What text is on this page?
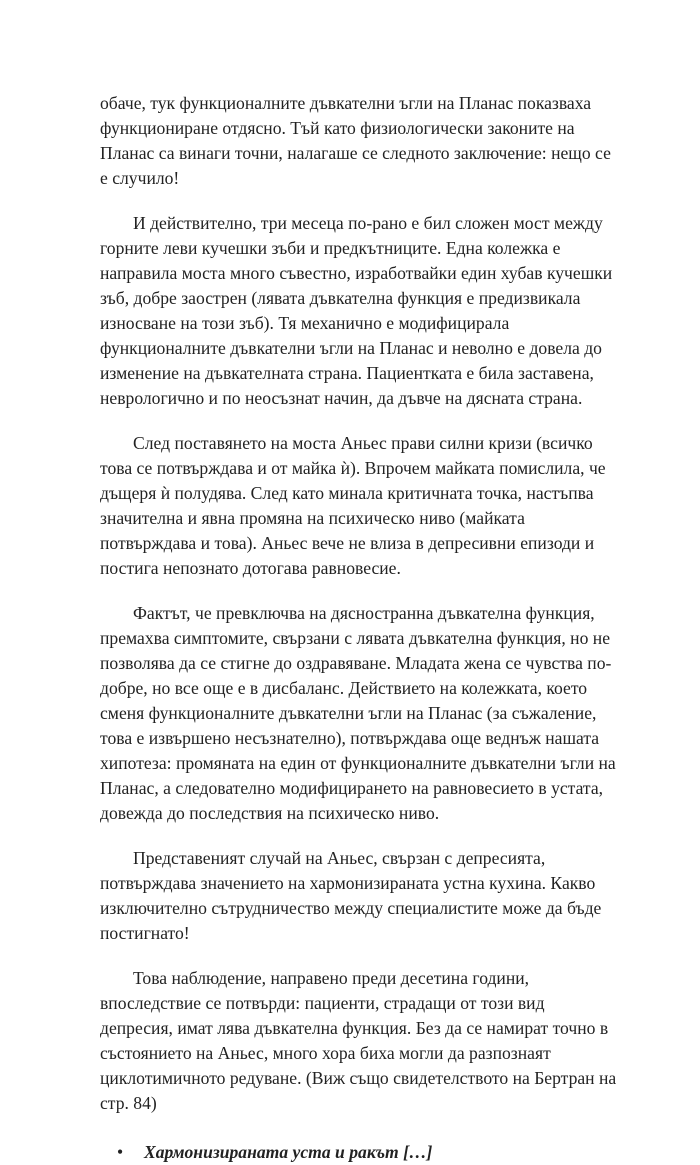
обаче, тук функционалните дъвкателни ъгли на Планас показваха функциониране отдясно. Тъй като физиологически законите на Планас са винаги точни, налагаше се следното заключение: нещо се е случило!

И действително, три месеца по-рано е бил сложен мост между горните леви кучешки зъби и предкътниците. Една колежка е направила моста много съвестно, изработвайки един хубав кучешки зъб, добре заострен (лявата дъвкателна функция е предизвикала износване на този зъб). Тя механично е модифицирала функционалните дъвкателни ъгли на Планас и неволно е довела до изменение на дъвкателната страна. Пациентката е била заставена, неврологично и по неосъзнат начин, да дъвче на дясната страна.

След поставянето на моста Аньес прави силни кризи (всичко това се потвърждава и от майка ѝ). Впрочем майката помислила, че дъщеря ѝ полудява. След като минала критичната точка, настъпва значителна и явна промяна на психическо ниво (майката потвърждава и това). Аньес вече не влиза в депресивни епизоди и постига непознато дотогава равновесие.

Фактът, че превключва на дясностранна дъвкателна функция, премахва симптомите, свързани с лявата дъвкателна функция, но не позволява да се стигне до оздравяване. Младата жена се чувства по-добре, но все още е в дисбаланс. Действието на колежката, което сменя функционалните дъвкателни ъгли на Планас (за съжаление, това е извършено несъзнателно), потвърждава още веднъж нашата хипотеза: промяната на един от функционалните дъвкателни ъгли на Планас, а следователно модифицирането на равновесието в устата, довежда до последствия на психическо ниво.

Представеният случай на Аньес, свързан с депресията, потвърждава значението на хармонизираната устна кухина. Какво изключително сътрудничество между специалистите може да бъде постигнато!

Това наблюдение, направено преди десетина години, впоследствие се потвърди: пациенти, страдащи от този вид депресия, имат лява дъвкателна функция. Без да се намират точно в състоянието на Аньес, много хора биха могли да разпознаят циклотимичното редуване. (Виж също свидетелството на Бертран на стр. 84)

• Хармонизираната уста и ракът […]
